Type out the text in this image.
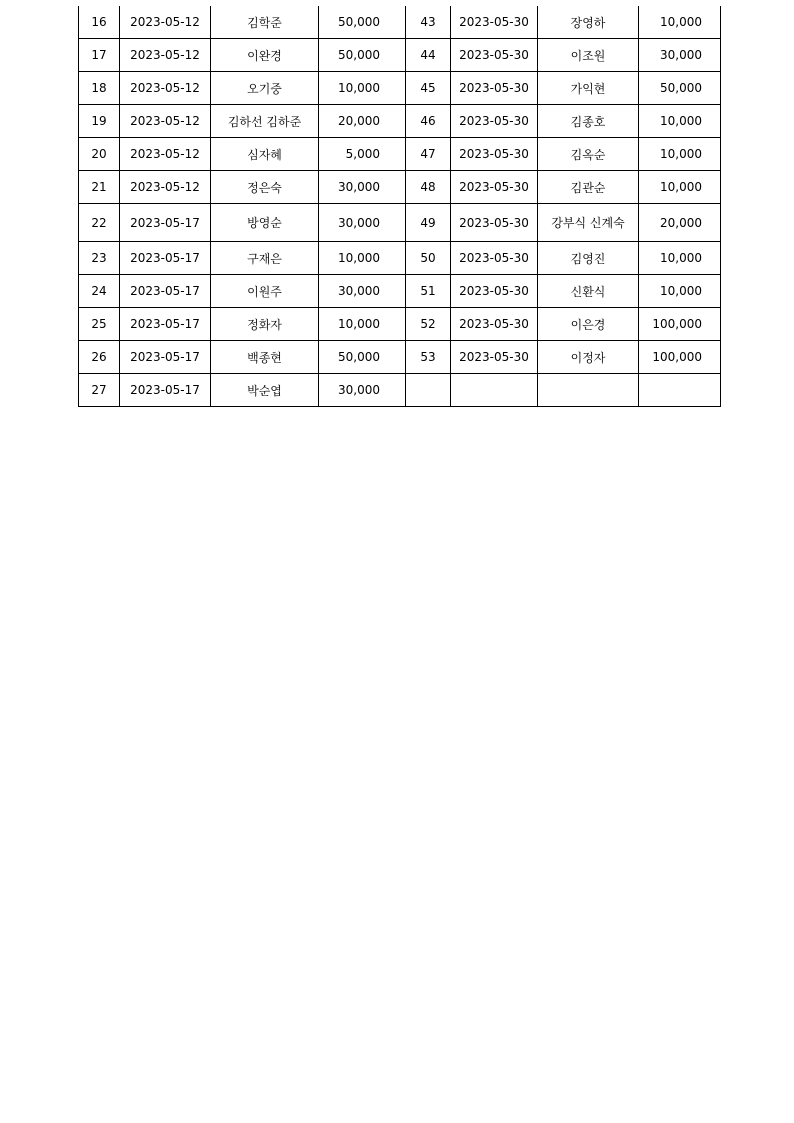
16	2023-05-12	김학준	50,000	43	2023-05-30	장영하	10,000
17	2023-05-12	이완경	50,000	44	2023-05-30	이조원	30,000
18	2023-05-12	오기중	10,000	45	2023-05-30	가익현	50,000
19	2023-05-12	김하선 김하준	20,000	46	2023-05-30	김종호	10,000
20	2023-05-12	심자혜	5,000	47	2023-05-30	김옥순	10,000
21	2023-05-12	정은숙	30,000	48	2023-05-30	김관순	10,000
22	2023-05-17	방영순	30,000	49	2023-05-30	강부식 신계숙	20,000
23	2023-05-17	구재은	10,000	50	2023-05-30	김영진	10,000
24	2023-05-17	이원주	30,000	51	2023-05-30	신환식	10,000
25	2023-05-17	정화자	10,000	52	2023-05-30	이은경	100,000
26	2023-05-17	백종현	50,000	53	2023-05-30	이정자	100,000
27	2023-05-17	박순엽	30,000				
